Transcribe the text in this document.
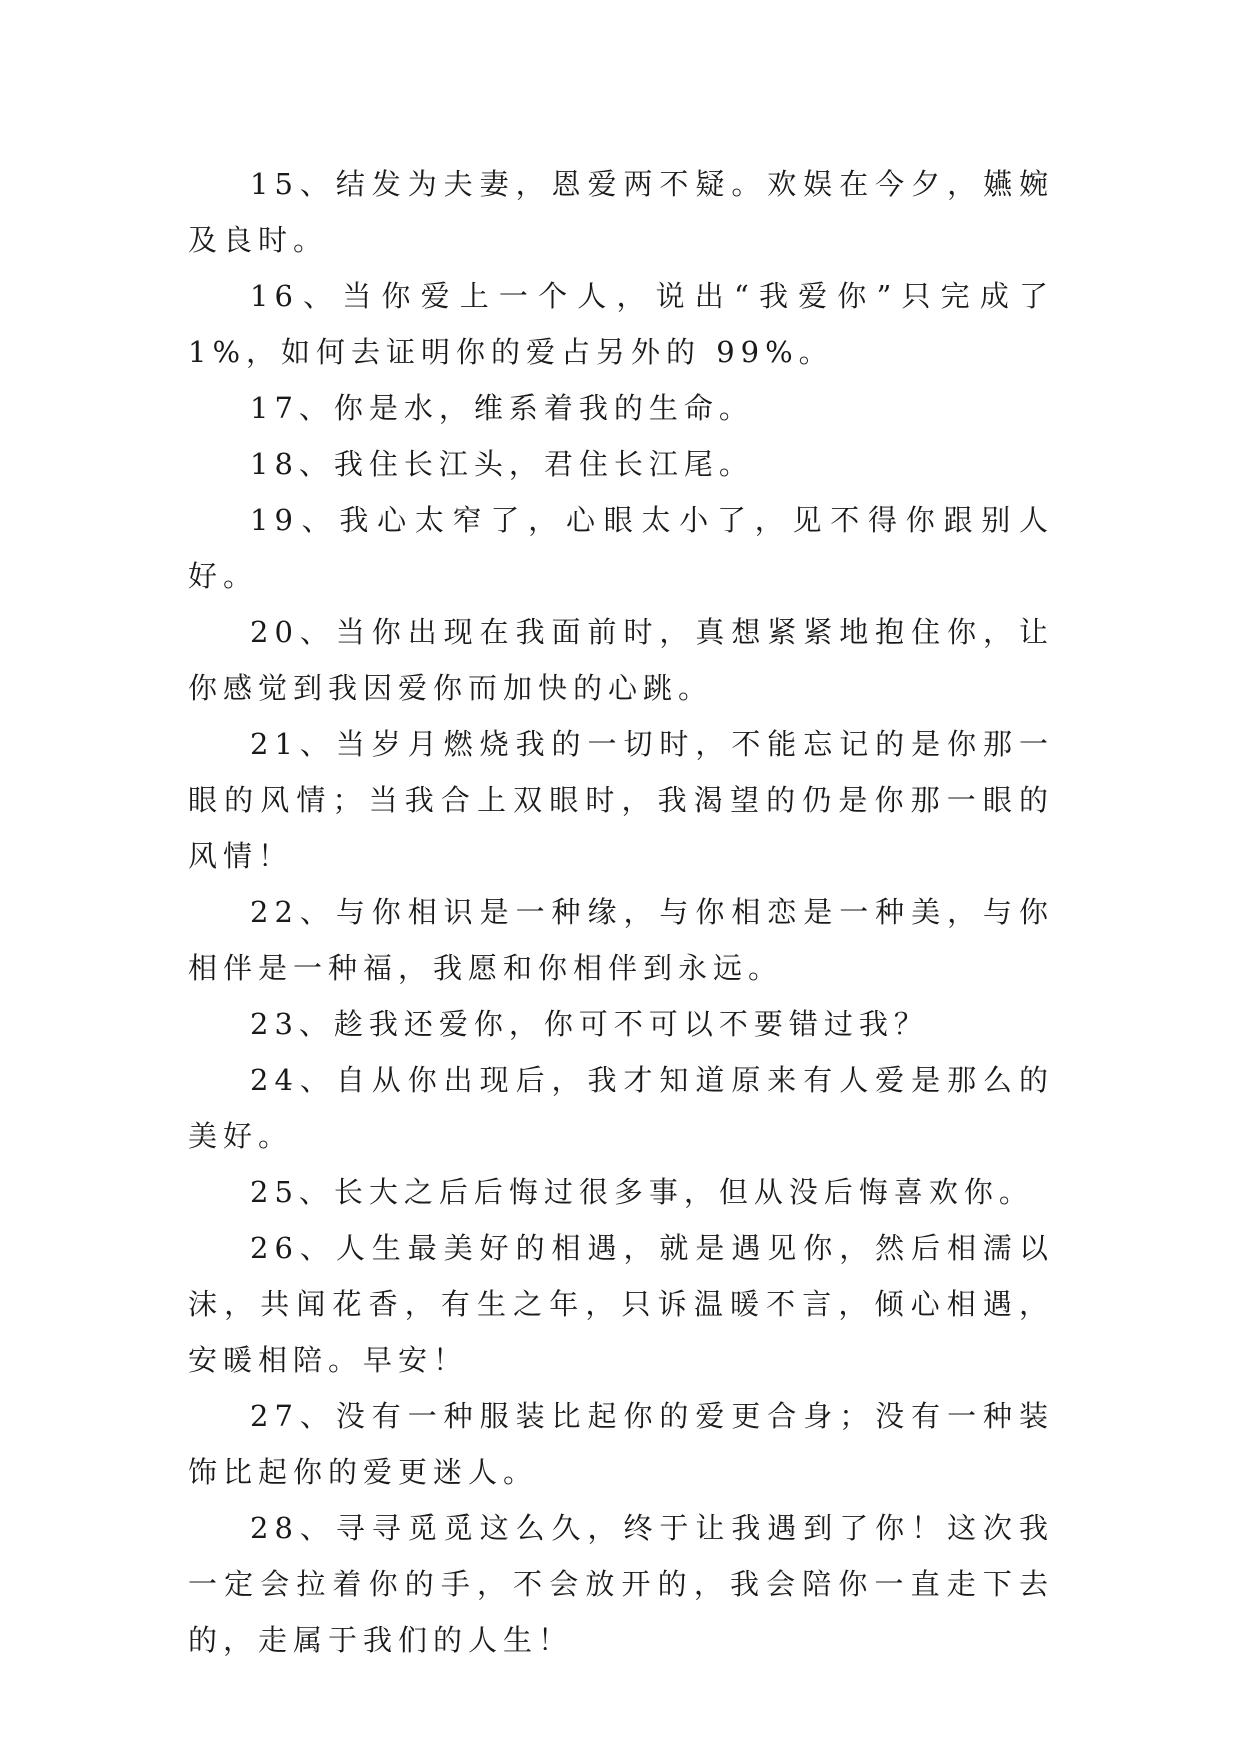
15、结发为夫妻，恩爱两不疑。欢娱在今夕，嬿婉及良时。

16、当你爱上一个人，说出“我爱你”只完成了 1%，如何去证明你的爱占另外的 99%。

17、你是水，维系着我的生命。

18、我住长江头，君住长江尾。

19、我心太窄了，心眼太小了，见不得你跟别人好。

20、当你出现在我面前时，真想紧紧地抱住你，让你感觉到我因爱你而加快的心跳。

21、当岁月燃烧我的一切时，不能忘记的是你那一眼的风情；当我合上双眼时，我渴望的仍是你那一眼的风情！

22、与你相识是一种缘，与你相恋是一种美，与你相伴是一种福，我愿和你相伴到永远。

23、趁我还爱你，你可不可以不要错过我？

24、自从你出现后，我才知道原来有人爱是那么的美好。

25、长大之后后悔过很多事，但从没后悔喜欢你。

26、人生最美好的相遇，就是遇见你，然后相濡以沫，共闻花香，有生之年，只诉温暖不言，倾心相遇，安暖相陪。早安！

27、没有一种服装比起你的爱更合身；没有一种装饰比起你的爱更迷人。

28、寻寻觅觅这么久，终于让我遇到了你！这次我一定会拉着你的手，不会放开的，我会陪你一直走下去的，走属于我们的人生！
